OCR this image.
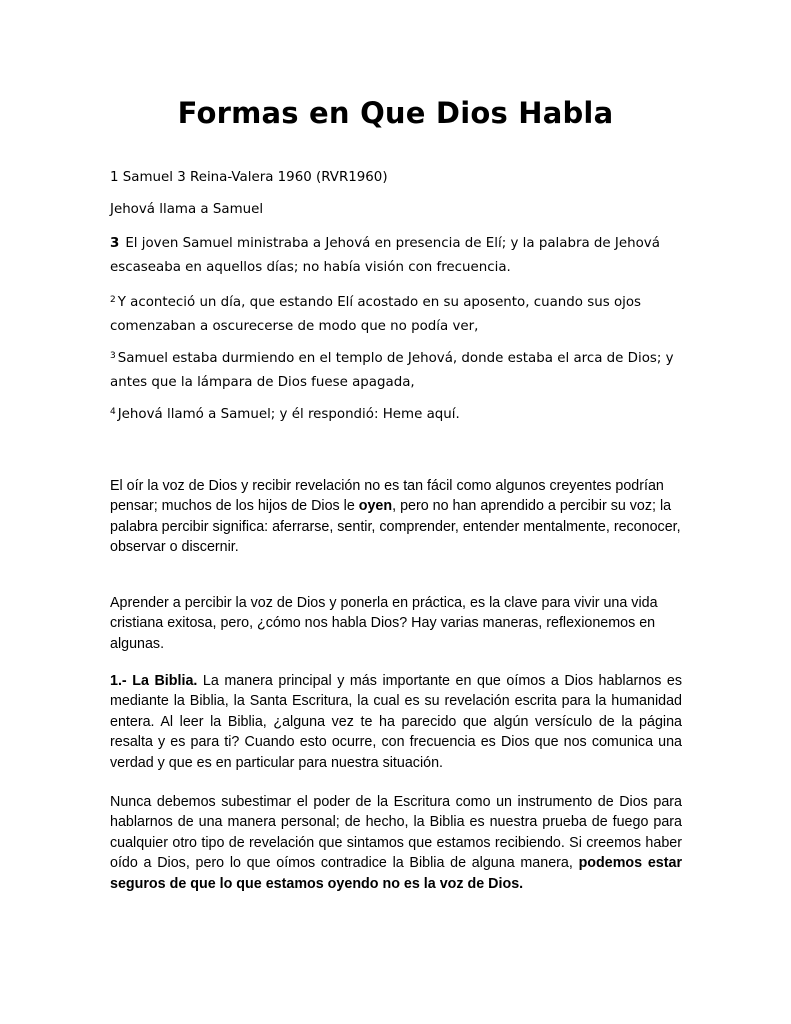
Formas en Que Dios Habla

1 Samuel 3 Reina-Valera 1960 (RVR1960)

Jehová llama a Samuel

3 El joven Samuel ministraba a Jehová en presencia de Elí; y la palabra de Jehová escaseaba en aquellos días; no había visión con frecuencia.

$^2$ Y aconteció un día, que estando Elí acostado en su aposento, cuando sus ojos comenzaban a oscurecerse de modo que no podía ver,

$^3$ Samuel estaba durmiendo en el templo de Jehová, donde estaba el arca de Dios; y antes que la lámpara de Dios fuese apagada,

$^4$ Jehová llamó a Samuel; y él respondió: Heme aquí.

El oír la voz de Dios y recibir revelación no es tan fácil como algunos creyentes podrían pensar; muchos de los hijos de Dios le oyen, pero no han aprendido a percibir su voz; la palabra percibir significa: aferrarse, sentir, comprender, entender mentalmente, reconocer, observar o discernir.

Aprender a percibir la voz de Dios y ponerla en práctica, es la clave para vivir una vida cristiana exitosa, pero, ¿cómo nos habla Dios? Hay varias maneras, reflexionemos en algunas.

1.- La Biblia. La manera principal y más importante en que oímos a Dios hablarnos es mediante la Biblia, la Santa Escritura, la cual es su revelación escrita para la humanidad entera. Al leer la Biblia, ¿alguna vez te ha parecido que algún versículo de la página resalta y es para ti? Cuando esto ocurre, con frecuencia es Dios que nos comunica una verdad y que es en particular para nuestra situación.

Nunca debemos subestimar el poder de la Escritura como un instrumento de Dios para hablarnos de una manera personal; de hecho, la Biblia es nuestra prueba de fuego para cualquier otro tipo de revelación que sintamos que estamos recibiendo. Si creemos haber oído a Dios, pero lo que oímos contradice la Biblia de alguna manera, podemos estar seguros de que lo que estamos oyendo no es la voz de Dios.
